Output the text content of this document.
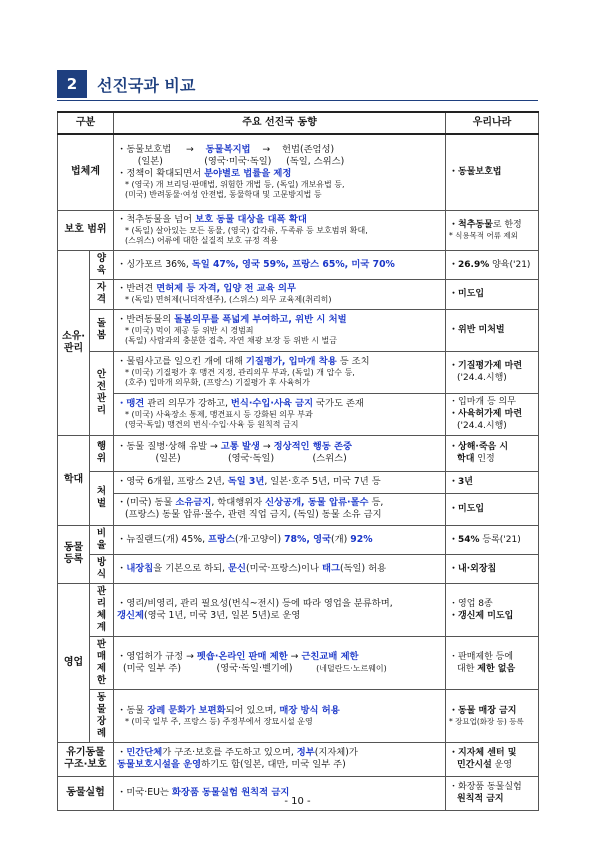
2	선진국과 비교
구분		주요 선진국 동향	우리나라
법체계		・동물보호법 → 동물복지법 → 헌법(존엄성)
(일본) (영국·미국·독일) (독일, 스위스)
・정책이 확대되면서 분야별로 법률을 제정
* (영국) 개 브리딩·판매법, 위험한 개법 등, (독일) 개보유법 등,
(미국) 반려동물·여성 안전법, 동물학대 및 고문방지법 등	・동물보호법
보호 범위		・척추동물을 넘어 보호 동물 대상을 대폭 확대
* (독일) 살아있는 모든 동물, (영국) 갑각류, 두족류 등 보호범위 확대,
(스위스) 어류에 대한 실질적 보호 규정 적용	・척추동물로 한정
* 식용목적 어류 제외

소유·관리	양육	・싱가포르 36%, 독일 47%, 영국 59%, 프랑스 65%, 미국 70%	・26.9% 양육('21)
	자격	・반려견 면허제 등 자격, 입양 전 교육 의무
* (독일) 면허제(니더작센주), (스위스) 의무 교육제(취리히)	・미도입
	돌봄	・반려동물의 돌봄의무를 폭넓게 부여하고, 위반 시 처벌
* (미국) 먹이 제공 등 위반 시 경범죄
(독일) 사람과의 충분한 접촉, 자연 채광 보장 등 위반 시 벌금	・위반 미처벌
	안전관리	・물림사고를 일으킨 개에 대해 기질평가, 입마개 착용 등 조치
* (미국) 기질평가 후 맹견 지정, 관리의무 부과, (독일) 개 압수 등,
(호주) 입마개 의무화, (프랑스) 기질평가 후 사육허가	・기질평가제 마련
('24.4.시행)

		・맹견 관리 의무가 강하고, 번식·수입·사육 금지 국가도 존재
* (미국) 사육장소 통제, 맹견표시 등 강화된 의무 부과
(영국·독일) 맹견의 번식·수입·사육 등 원칙적 금지	・입마개 등 의무
・사육허가제 마련
('24.4.시행)

학대	행위	・동물 질병·상해 유발 → 고통 발생 → 정상적인 행동 존중
(일본) (영국·독일) (스위스)	・상해·죽음 시
학대 인정

	처벌	・영국 6개월, 프랑스 2년, 독일 3년, 일본·호주 5년, 미국 7년 등	・3년

		・(미국) 동물 소유금지, 학대행위자 신상공개, 동물 압류·몰수 등,
(프랑스) 동물 압류·몰수, 관련 직업 금지, (독일) 동물 소유 금지	・미도입
동물등록	비율	・뉴질랜드(개) 45%, 프랑스(개·고양이) 78%, 영국(개) 92%	・54% 등록('21)
	방식	・내장칩을 기본으로 하되, 문신(미국·프랑스)이나 태그(독일) 허용	・내·외장칩
영업	관리체계	・영리/비영리, 관리 필요성(번식~전시) 등에 따라 영업을 분류하며,
갱신제(영국 1년, 미국 3년, 일본 5년)로 운영	・영업 8종
・갱신제 미도입

	판매제한	・영업허가 규정 → 펫숍·온라인 판매 제한 → 근친교배 제한
(미국 일부 주) (영국·독일·벨기에) (네덜란드·노르웨이)	・판매제한 등에
대한 제한 없음

	동물장례	・동물 장례 문화가 보편화되어 있으며, 매장 방식 허용
* (미국 일부 주, 프랑스 등) 주정부에서 장묘시설 운영	・동물 매장 금지
* 장묘업(화장 등) 등록

유기동물 구조·보호		・민간단체가 구조·보호를 주도하고 있으며, 정부(지자체)가
동물보호시설을 운영하기도 함(일본, 대만, 미국 일부 주)	・지자체 센터 및
민간시설 운영

동물실험		・미국·EU는 화장품 동물실험 원칙적 금지	・화장품 동물실험
원칙적 금지
- 10 -
